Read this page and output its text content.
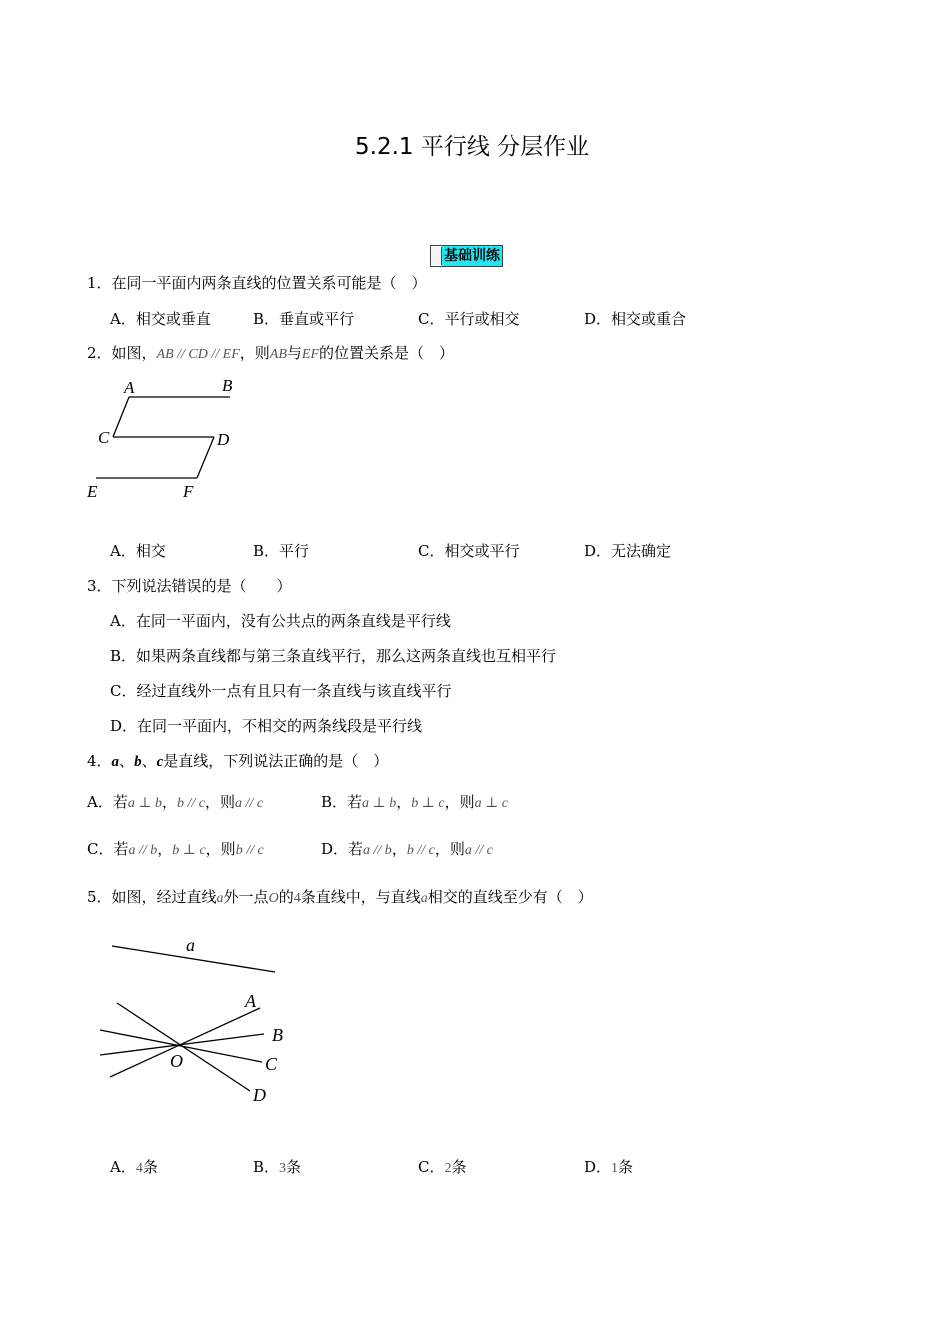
5.2.1 平行线 分层作业
基础训练
1．在同一平面内两条直线的位置关系可能是（　）
A．相交或垂直	B．垂直或平行	C．平行或相交	D．相交或重合
2．如图，AB // CD // EF，则AB与EF的位置关系是（　）
A	B
C	D
E	F
A．相交	B．平行	C．相交或平行	D．无法确定
3．下列说法错误的是（　　）
A．在同一平面内，没有公共点的两条直线是平行线
B．如果两条直线都与第三条直线平行，那么这两条直线也互相平行
C．经过直线外一点有且只有一条直线与该直线平行
D．在同一平面内，不相交的两条线段是平行线
4．a、b、c是直线，下列说法正确的是（　）
A．若a ⊥ b，b // c，则a // c	B．若a ⊥ b，b ⊥ c，则a ⊥ c
C．若a // b，b ⊥ c，则b // c	D．若a // b，b // c，则a // c
5．如图，经过直线a外一点O的4条直线中，与直线a相交的直线至少有（　）
a
A
B
C
D
O
A．4条	B．3条	C．2条	D．1条
